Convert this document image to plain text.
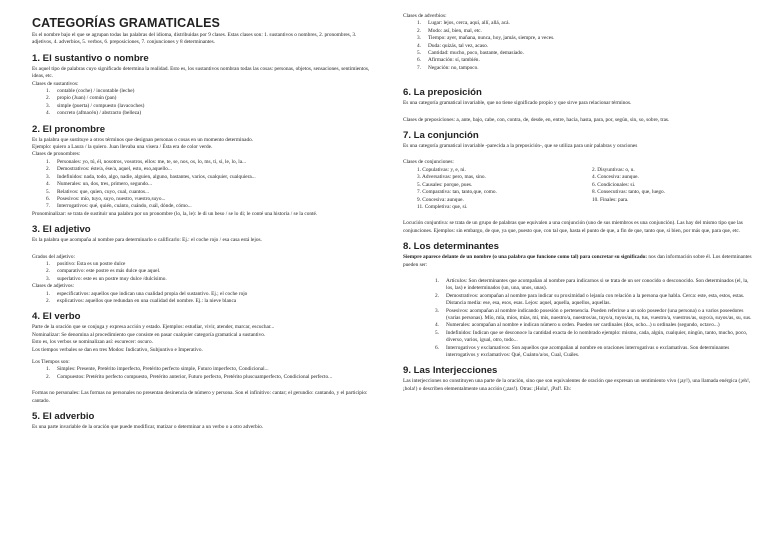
CATEGORÍAS GRAMATICALES

Es el nombre bajo el que se agrupan todas las palabras del idioma, distribuidas por 9 clases. Estas clases son: 1. sustantivos o nombres, 2. pronombres, 3. adjetivos, 4. adverbios, 5. verbos, 6. preposiciones, 7. conjunciones y 8 determinantes.

1. El sustantivo o nombre

Es aquel tipo de palabras cuyo significado determina la realidad. Esto es, los sustantivos nombran todas las cosas: personas, objetos, sensaciones, sentimientos, ideas, etc.

Clases de sustantivos:

1.	contable (coche) / incontable (leche)
2.	propio (Juan) / común (pan)
3.	simple (puerta) / compuesto (lavacoches)
4.	concreto (afmacén) / abstracto (belleza)
2. El pronombre

Es la palabra que sustituye a otros términos que designan personas o cosas en un momento determinado.

Ejemplo: quiero a Laura / la quiero. Juan llevaba una visera / Ésta era de color verde.

Clases de pronombres:

1.	Personales: yo, tú, él, nosotros, vosotros, ellos: me, te, se, nos, os, lo, ms, ti, si, le, lo, la...
2.	Demostrativos: éste/a, ése/a, aquel, esto, eso,aquello...
3.	Indefinidos: nada, todo, algo, nadie, alguien, alguno, bastantes, varios, cualquier, cualquiera...
4.	Numerales: un, dos, tres, primero, segundo...
5.	Relativos: que, quien, cuyo, cual, cuantos...
6.	Posesivos: mío, tuyo, suyo, nuestro, vuestro,suyo...
7.	Interrogativos: qué, quién, cuánto, cuándo, cuál, dónde, cómo...

Pronominalizar: se trata de sustituir una palabra por un pronombre (lo, la, le): le di un beso / se lo di; le conté una historia / se la conté.

3. El adjetivo

Es la palabra que acompaña al nombre para determinarlo o calificarlo: Ej.: el coche rojo / esa casa está lejos.

Grados del adjetivo:

1.	positivo: Esta es un postre dulce
2.	comparativo: este postre es más dulce que aquel.
3.	superlativo: este es un postre muy dulce /dulcísimo.

Clases de adjetivos:

1.	especificativos: aquellos que indican una cualidad propia del sustantivo. Ej.; el coche rojo
2.	explicativos: aquellos que redundan en una cualidad del nombre. Ej.: la nieve blanca
4. El verbo

Parte de la oración que se conjuga y expresa acción y estado. Ejemplos: estudiar, vivir, atender, marcar, escuchar...

Nominalizar: Se denomina al procedimiento que consiste en pasar cualquier categoría gramatical a sustantivo.

Esto es, los verbos se nominalizan así: escurecer: oscuro.

Los tiempos verbales se dan en tres Modos: Indicativo, Subjuntivo e Imperativo.

Los Tiempos son:

1.	Simples: Presente, Pretérito imperfecto, Pretérito perfecto simple, Futuro imperfecto, Condicional...
2.	Compuestos: Pretérito perfecto compuesto, Pretérito anterior, Futuro perfecto, Pretérito pluscuamperfecto, Condicional perfecto...

Formas no personales: Las formas no personales no presentan desinencia de número y persona. Son el infinitivo: cantar; el gerundio: cantando, y el participio: cantado.

5. El adverbio

Es una parte invariable de la oración que puede modificar, matizar o determinar a un verbo o a otro adverbio.

Clases de adverbios:

1.	Lugar: lejos, cerca, aquí, allí, allá, acá.
2.	Modo: así, bien, mal, etc.
3.	Tiempo: ayer, mañana, nunca, hoy, jamás, siempre, a veces.
4.	Duda: quizás, tal vez, acaso.
5.	Cantidad: mucho, poco, bastante, demasiado.
6.	Afirmación: sí, también.
7.	Negación: no, tampoco.
6. La preposición

Es una categoría gramatical invariable, que no tiene significado propio y que sirve para relacionar términos.

Clases de preposiciones: a, ante, bajo, cabe, con, contra, de, desde, en, entre, hacia, hasta, para, por, según, sin, so, sobre, tras.

7. La conjunción

Es una categoría gramatical invariable -parecida a la preposición-, que se utiliza para unir palabras y oraciones

Clases de conjunciones:

1. Copulativas: y, e, ni.	2. Disyuntivas: o, u.
3. Adversativas: pero, mas, sino.	4. Concesiva: aunque.
5. Causales: porque, pues.	6. Condicionales: si.
7. Comparativa: tan, tanto,que, como.	8. Consecutivas: tanto, que, luego.
9. Concesiva: aunque.	10. Finales: para.
11. Completiva: que, si.

Locución conjuntiva: se trata de un grupo de palabras que equivalen a una conjunción (uno de sus miembros es una conjunción). Las hay del mismo tipo que las conjunciones. Ejemplos: sin embargo, de que, ya que, puesto que, con tal que, hasta el punto de que, a fin de que, tanto que, si bien, por más que, para que, etc.

8. Los determinantes

Siempre aparece delante de un nombre (o una palabra que funcione como tal) para concretar su significado: nos dan información sobre él. Los determinantes pueden ser:

1.	Artículos: Son determinantes que acompañan al nombre para indicarnos si se trata de un ser conocido o desconocido. Son determinados (el, la, los, las) e indeterminados (un, una, unos, unas).
2.	Demostrativos: acompañan al nombre para indicar su proximidad o lejanía con relación a la persona que habla. Cerca: este, esta, estos, estas. Distancia media: ese, esa, esos, esas. Lejos: aquel, aquella, aquellos, aquellas.
3.	Posesivos: acompañan al nombre indicando posesión o pertenencia. Pueden referirse a un solo poseedor (una persona) o a varios poseedores (varias personas). Mío, mía, míos, mías, mi, mis, nuestro/a, nuestros/as, tuyo/a, tuyos/as, tu, tus, vuestro/a, vuestros/as, suyo/a, suyos/as, su, sus.
4.	Numerales: acompañan al nombre e indican número u orden. Pueden ser cardinales (dos, ocho...) u ordinales (segundo, octavo...)
5.	Indefinidos: Indican que se desconoce la cantidad exacta de lo nombrado ejemplo: mismo, cada, algún, cualquier, ningún, tanto, mucho, poco, diverso, varios, igual, otro, todo...
6.	Interrogativos y exclamativos: Son aquellos que acompañan al nombre en oraciones interrogativas o exclamativas. Son determinantes interrogativos y exclamativos: Qué, Cuánto/a/os, Cual, Cuáles.
9. Las Interjecciones

Las interjecciones no constituyen una parte de la oración, sino que son equivalentes de oración que expresan un sentimiento vivo (¡ay!), una llamada enérgica (¡eh!, ¡hola!) o describen elementalmente una acción (¡zas!). Otras: ¡Hola!, ¡Paf!. Eh:
